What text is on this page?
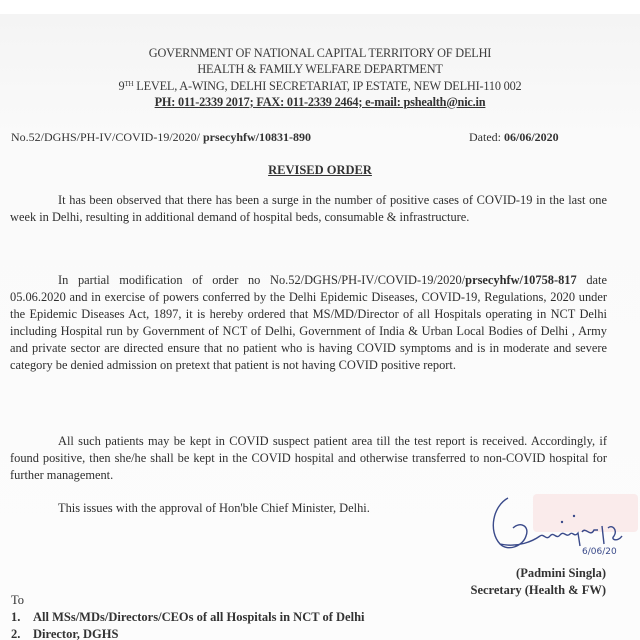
GOVERNMENT OF NATIONAL CAPITAL TERRITORY OF DELHI
HEALTH & FAMILY WELFARE DEPARTMENT
9TH LEVEL, A-WING, DELHI SECRETARIAT, IP ESTATE, NEW DELHI-110 002
PH: 011-2339 2017; FAX: 011-2339 2464; e-mail: pshealth@nic.in
No.52/DGHS/PH-IV/COVID-19/2020/ prsecyhfw/10831-890	Dated: 06/06/2020
REVISED ORDER
It has been observed that there has been a surge in the number of positive cases of COVID-19 in the last one week in Delhi, resulting in additional demand of hospital beds, consumable & infrastructure.
In partial modification of order no No.52/DGHS/PH-IV/COVID-19/2020/prsecyhfw/10758-817 date 05.06.2020 and in exercise of powers conferred by the Delhi Epidemic Diseases, COVID-19, Regulations, 2020 under the Epidemic Diseases Act, 1897, it is hereby ordered that MS/MD/Director of all Hospitals operating in NCT Delhi including Hospital run by Government of NCT of Delhi, Government of India & Urban Local Bodies of Delhi , Army and private sector are directed ensure that no patient who is having COVID symptoms and is in moderate and severe category be denied admission on pretext that patient is not having COVID positive report.
All such patients may be kept in COVID suspect patient area till the test report is received. Accordingly, if found positive, then she/he shall be kept in the COVID hospital and otherwise transferred to non-COVID hospital for further management.
This issues with the approval of Hon'ble Chief Minister, Delhi.
6/06/20
(Padmini Singla)
Secretary (Health & FW)
To
1. All MSs/MDs/Directors/CEOs of all Hospitals in NCT of Delhi
2. Director, DGHS
